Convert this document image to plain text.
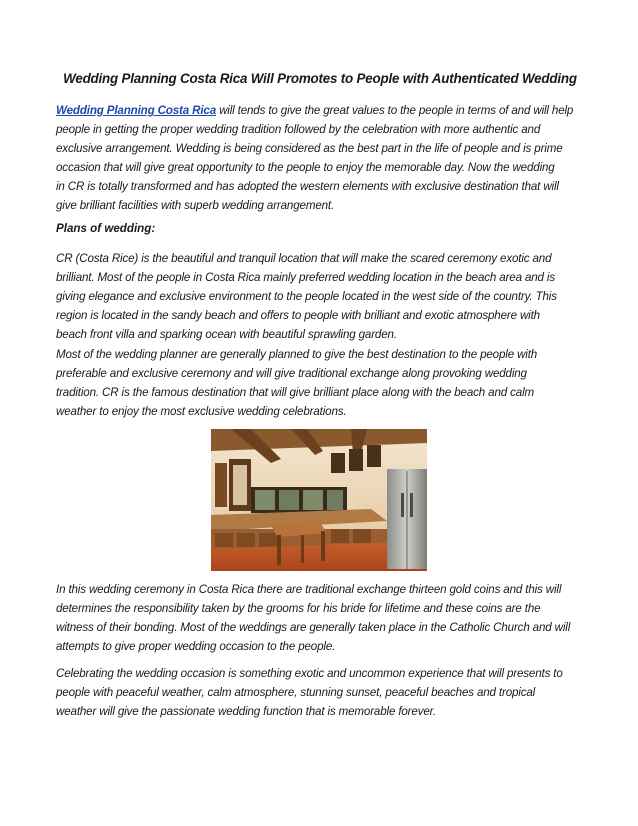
Wedding Planning Costa Rica Will Promotes to People with Authenticated Wedding

Wedding Planning Costa Rica will tends to give the great values to the people in terms of and will help
people in getting the proper wedding tradition followed by the celebration with more authentic and
exclusive arrangement. Wedding is being considered as the best part in the life of people and is prime
occasion that will give great opportunity to the people to enjoy the memorable day. Now the wedding
in CR is totally transformed and has adopted the western elements with exclusive destination that will
give brilliant facilities with superb wedding arrangement.

Plans of wedding:

CR (Costa Rice) is the beautiful and tranquil location that will make the scared ceremony exotic and
brilliant. Most of the people in Costa Rica mainly preferred wedding location in the beach area and is
giving elegance and exclusive environment to the people located in the west side of the country. This
region is located in the sandy beach and offers to people with brilliant and exotic atmosphere with
beach front villa and sparking ocean with beautiful sprawling garden.

Most of the wedding planner are generally planned to give the best destination to the people with
preferable and exclusive ceremony and will give traditional exchange along provoking wedding
tradition. CR is the famous destination that will give brilliant place along with the beach and calm
weather to enjoy the most exclusive wedding celebrations.

In this wedding ceremony in Costa Rica there are traditional exchange thirteen gold coins and this will
determines the responsibility taken by the grooms for his bride for lifetime and these coins are the
witness of their bonding. Most of the weddings are generally taken place in the Catholic Church and will
attempts to give proper wedding occasion to the people.

Celebrating the wedding occasion is something exotic and uncommon experience that will presents to
people with peaceful weather, calm atmosphere, stunning sunset, peaceful beaches and tropical
weather will give the passionate wedding function that is memorable forever.
